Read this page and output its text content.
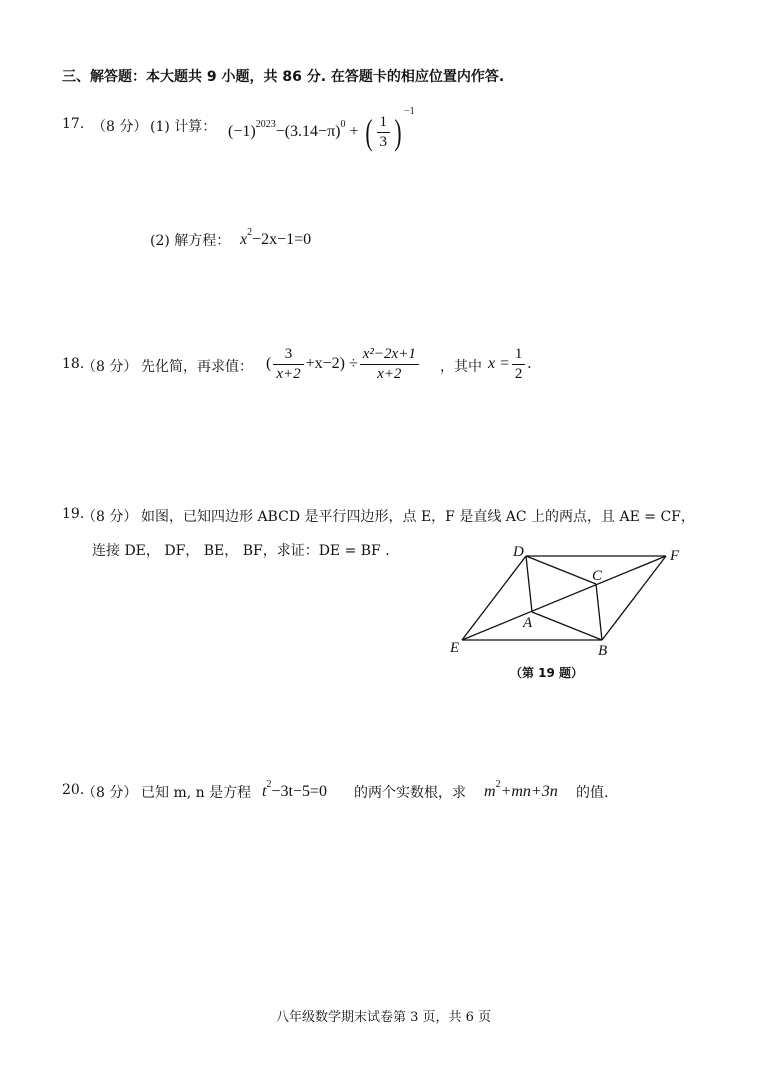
三、解答题：本大题共 9 小题，共 86 分. 在答题卡的相应位置内作答.
17. （8 分） (1) 计算： $(-1)^{2023}-(3.14-\pi)^0$ + ( $\frac{1}{3} )^{-1}$
(2) 解方程： $x^2-2x-1=0$
18.
（8 分） 先化简，再求值： ( $\frac{3}{x+2} +x-2) \div \frac{\text{x²−2x+1}}{x+2}$ ，其中 $x = \frac{1}{2}$ .
19.
（8 分） 如图，已知四边形 ABCD 是平行四边形，点 E，F 是直线 AC 上的两点，且 AE = CF，
连接 DE， DF， BE， BF，求证：DE = BF .	D	F
C
A
E	B
（第 19 题）
20.
（8 分） 已知 m, n 是方程 $t^2-3t-5=0$ 的两个实数根，求 $m^2+mn+3n$ 的值.
八年级数学期末试卷第 3 页，共 6 页
